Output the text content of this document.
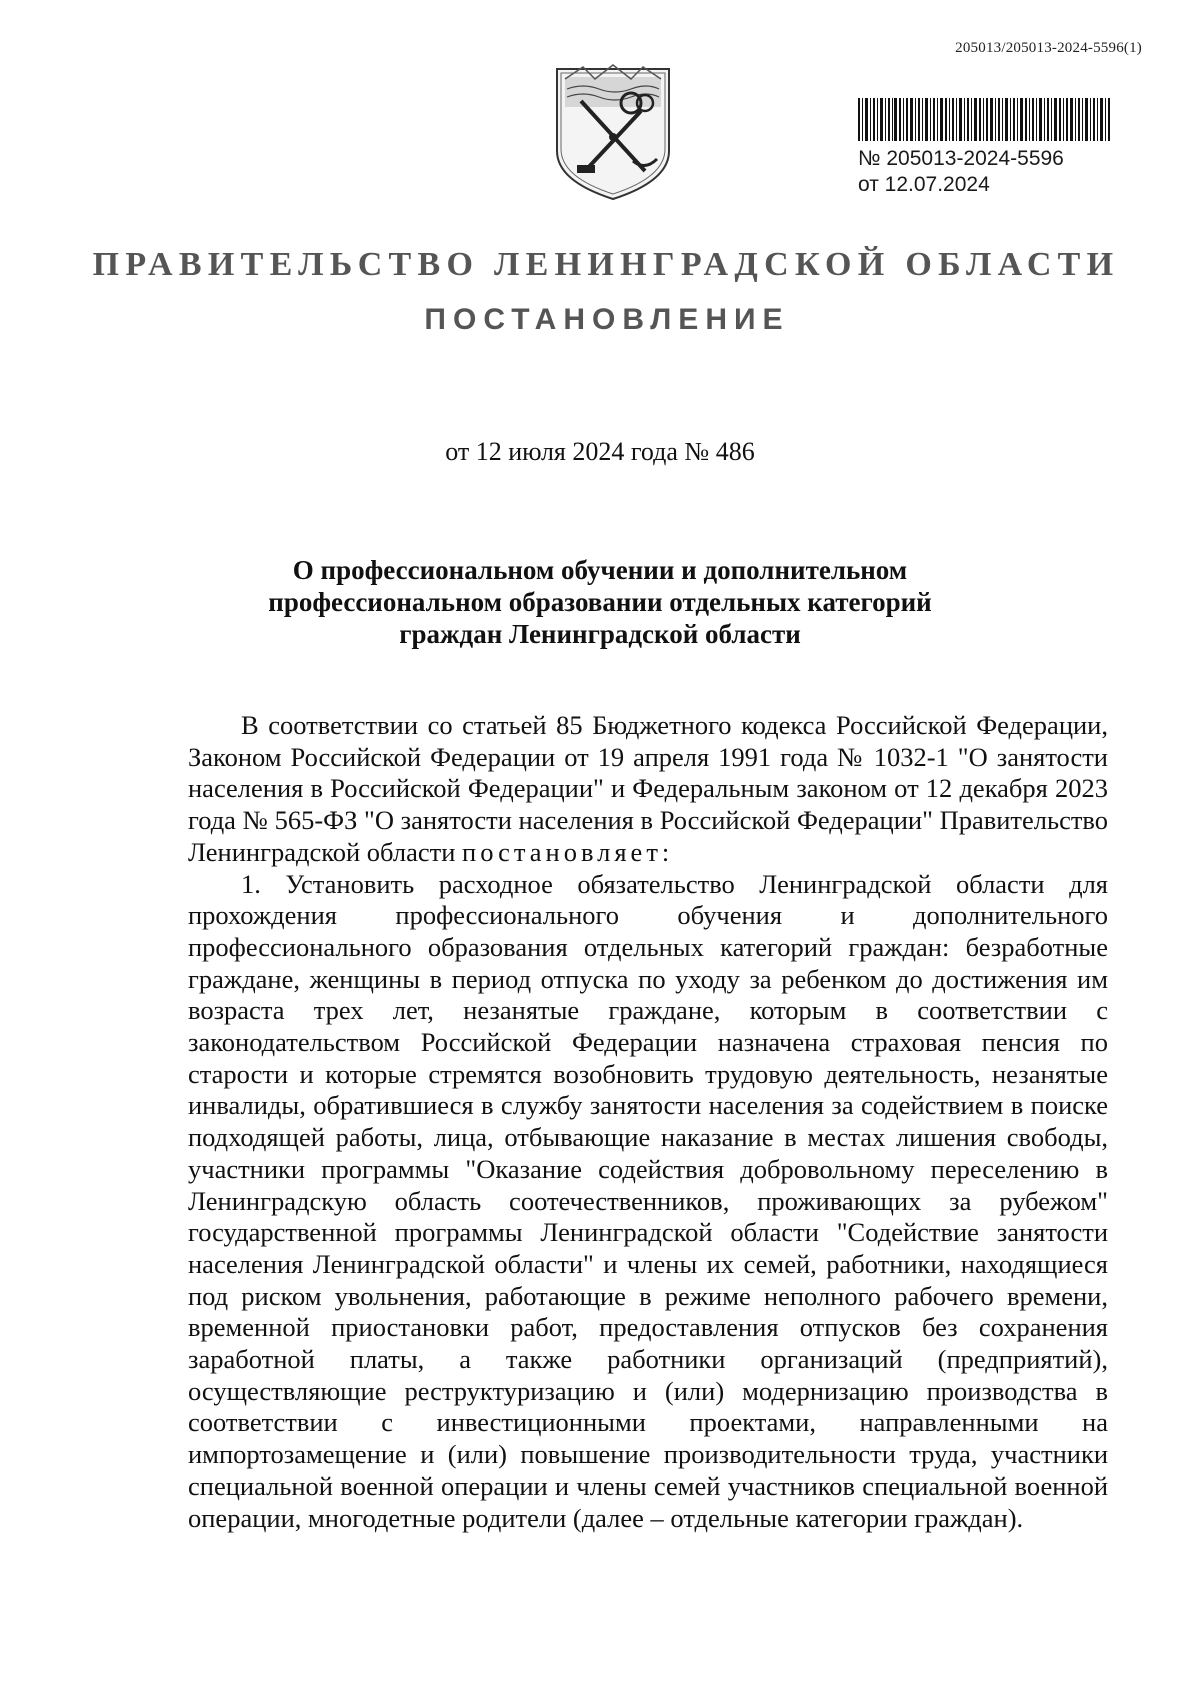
205013/205013-2024-5596(1)
№ 205013-2024-5596
от 12.07.2024
ПРАВИТЕЛЬСТВО ЛЕНИНГРАДСКОЙ ОБЛАСТИ
ПОСТАНОВЛЕНИЕ
от 12 июля 2024 года № 486
О профессиональном обучении и дополнительном
профессиональном образовании отдельных категорий
граждан Ленинградской области

В соответствии со статьей 85 Бюджетного кодекса Российской Федерации, Законом Российской Федерации от 19 апреля 1991 года № 1032-1 "О занятости населения в Российской Федерации" и Федеральным законом от 12 декабря 2023 года № 565-ФЗ "О занятости населения в Российской Федерации" Правительство Ленинградской области постановляет:

1. Установить расходное обязательство Ленинградской области для прохождения профессионального обучения и дополнительного профессионального образования отдельных категорий граждан: безработные граждане, женщины в период отпуска по уходу за ребенком до достижения им возраста трех лет, незанятые граждане, которым в соответствии с законодательством Российской Федерации назначена страховая пенсия по старости и которые стремятся возобновить трудовую деятельность, незанятые инвалиды, обратившиеся в службу занятости населения за содействием в поиске подходящей работы, лица, отбывающие наказание в местах лишения свободы, участники программы "Оказание содействия добровольному переселению в Ленинградскую область соотечественников, проживающих за рубежом" государственной программы Ленинградской области "Содействие занятости населения Ленинградской области" и члены их семей, работники, находящиеся под риском увольнения, работающие в режиме неполного рабочего времени, временной приостановки работ, предоставления отпусков без сохранения заработной платы, а также работники организаций (предприятий), осуществляющие реструктуризацию и (или) модернизацию производства в соответствии с инвестиционными проектами, направленными на импортозамещение и (или) повышение производительности труда, участники специальной военной операции и члены семей участников специальной военной операции, многодетные родители (далее – отдельные категории граждан).
